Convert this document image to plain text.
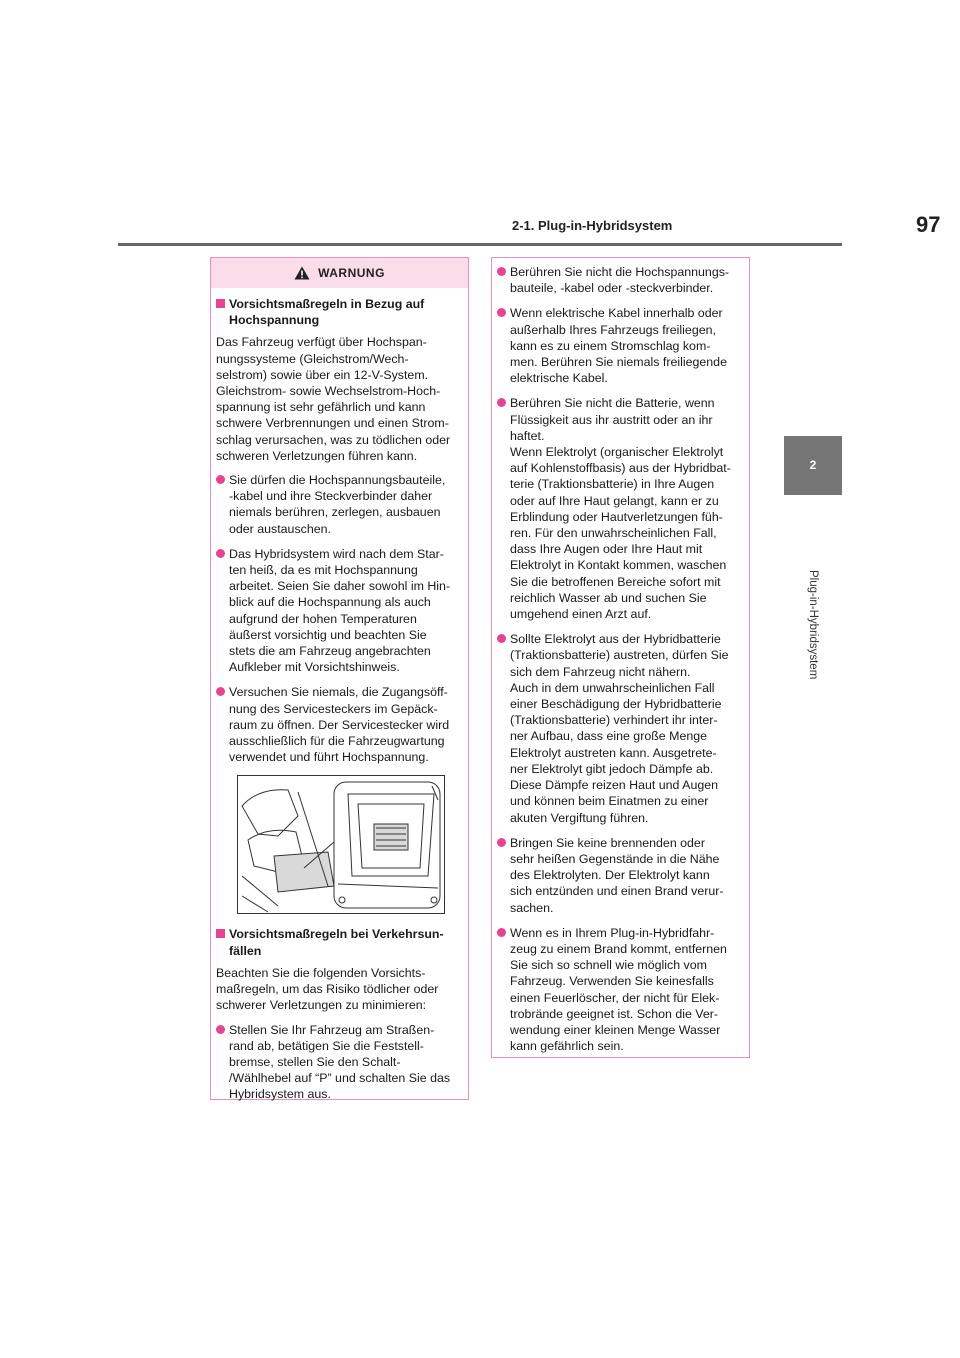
97
2-1. Plug-in-Hybridsystem
2
Plug-in-Hybridsystem
WARNUNG
Vorsichtsmaßregeln in Bezug auf
Hochspannung
Das Fahrzeug verfügt über Hochspan-
nungssysteme (Gleichstrom/Wech-
selstrom) sowie über ein 12-V-System.
Gleichstrom- sowie Wechselstrom-Hoch-
spannung ist sehr gefährlich und kann
schwere Verbrennungen und einen Strom-
schlag verursachen, was zu tödlichen oder
schweren Verletzungen führen kann.
Sie dürfen die Hochspannungsbauteile,
-kabel und ihre Steckverbinder daher
niemals berühren, zerlegen, ausbauen
oder austauschen.
Das Hybridsystem wird nach dem Star-
ten heiß, da es mit Hochspannung
arbeitet. Seien Sie daher sowohl im Hin-
blick auf die Hochspannung als auch
aufgrund der hohen Temperaturen
äußerst vorsichtig und beachten Sie
stets die am Fahrzeug angebrachten
Aufkleber mit Vorsichtshinweis.
Versuchen Sie niemals, die Zugangsöff-
nung des Servicesteckers im Gepäck-
raum zu öffnen. Der Servicestecker wird
ausschließlich für die Fahrzeugwartung
verwendet und führt Hochspannung.
Vorsichtsmaßregeln bei Verkehrsun-
fällen
Beachten Sie die folgenden Vorsichts-
maßregeln, um das Risiko tödlicher oder
schwerer Verletzungen zu minimieren:
Stellen Sie Ihr Fahrzeug am Straßen-
rand ab, betätigen Sie die Feststell-
bremse, stellen Sie den Schalt-
/Wählhebel auf “P” und schalten Sie das
Hybridsystem aus.
Berühren Sie nicht die Hochspannungs-
bauteile, -kabel oder -steckverbinder.
Wenn elektrische Kabel innerhalb oder
außerhalb Ihres Fahrzeugs freiliegen,
kann es zu einem Stromschlag kom-
men. Berühren Sie niemals freiliegende
elektrische Kabel.
Berühren Sie nicht die Batterie, wenn
Flüssigkeit aus ihr austritt oder an ihr
haftet.
Wenn Elektrolyt (organischer Elektrolyt
auf Kohlenstoffbasis) aus der Hybridbat-
terie (Traktionsbatterie) in Ihre Augen
oder auf Ihre Haut gelangt, kann er zu
Erblindung oder Hautverletzungen füh-
ren. Für den unwahrscheinlichen Fall,
dass Ihre Augen oder Ihre Haut mit
Elektrolyt in Kontakt kommen, waschen
Sie die betroffenen Bereiche sofort mit
reichlich Wasser ab und suchen Sie
umgehend einen Arzt auf.
Sollte Elektrolyt aus der Hybridbatterie
(Traktionsbatterie) austreten, dürfen Sie
sich dem Fahrzeug nicht nähern.
Auch in dem unwahrscheinlichen Fall
einer Beschädigung der Hybridbatterie
(Traktionsbatterie) verhindert ihr inter-
ner Aufbau, dass eine große Menge
Elektrolyt austreten kann. Ausgetrete-
ner Elektrolyt gibt jedoch Dämpfe ab.
Diese Dämpfe reizen Haut und Augen
und können beim Einatmen zu einer
akuten Vergiftung führen.
Bringen Sie keine brennenden oder
sehr heißen Gegenstände in die Nähe
des Elektrolyten. Der Elektrolyt kann
sich entzünden und einen Brand verur-
sachen.
Wenn es in Ihrem Plug-in-Hybridfahr-
zeug zu einem Brand kommt, entfernen
Sie sich so schnell wie möglich vom
Fahrzeug. Verwenden Sie keinesfalls
einen Feuerlöscher, der nicht für Elek-
trobrände geeignet ist. Schon die Ver-
wendung einer kleinen Menge Wasser
kann gefährlich sein.
